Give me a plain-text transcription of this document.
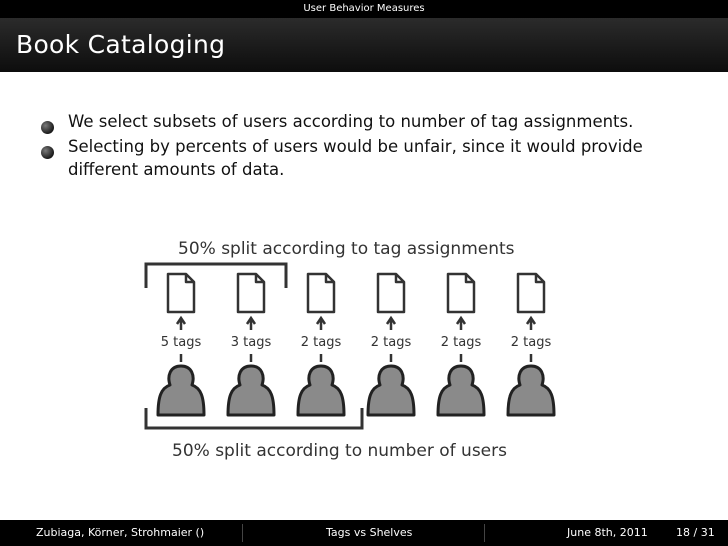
User Behavior Measures
Book Cataloging
We select subsets of users according to number of tag assignments.
Selecting by percents of users would be unfair, since it would provide
different amounts of data.
50% split according to tag assignments
5 tags 3 tags 2 tags 2 tags 2 tags 2 tags
50% split according to number of users
Zubiaga, Körner, Strohmaier ()	Tags vs Shelves	June 8th, 2011	18 / 31
